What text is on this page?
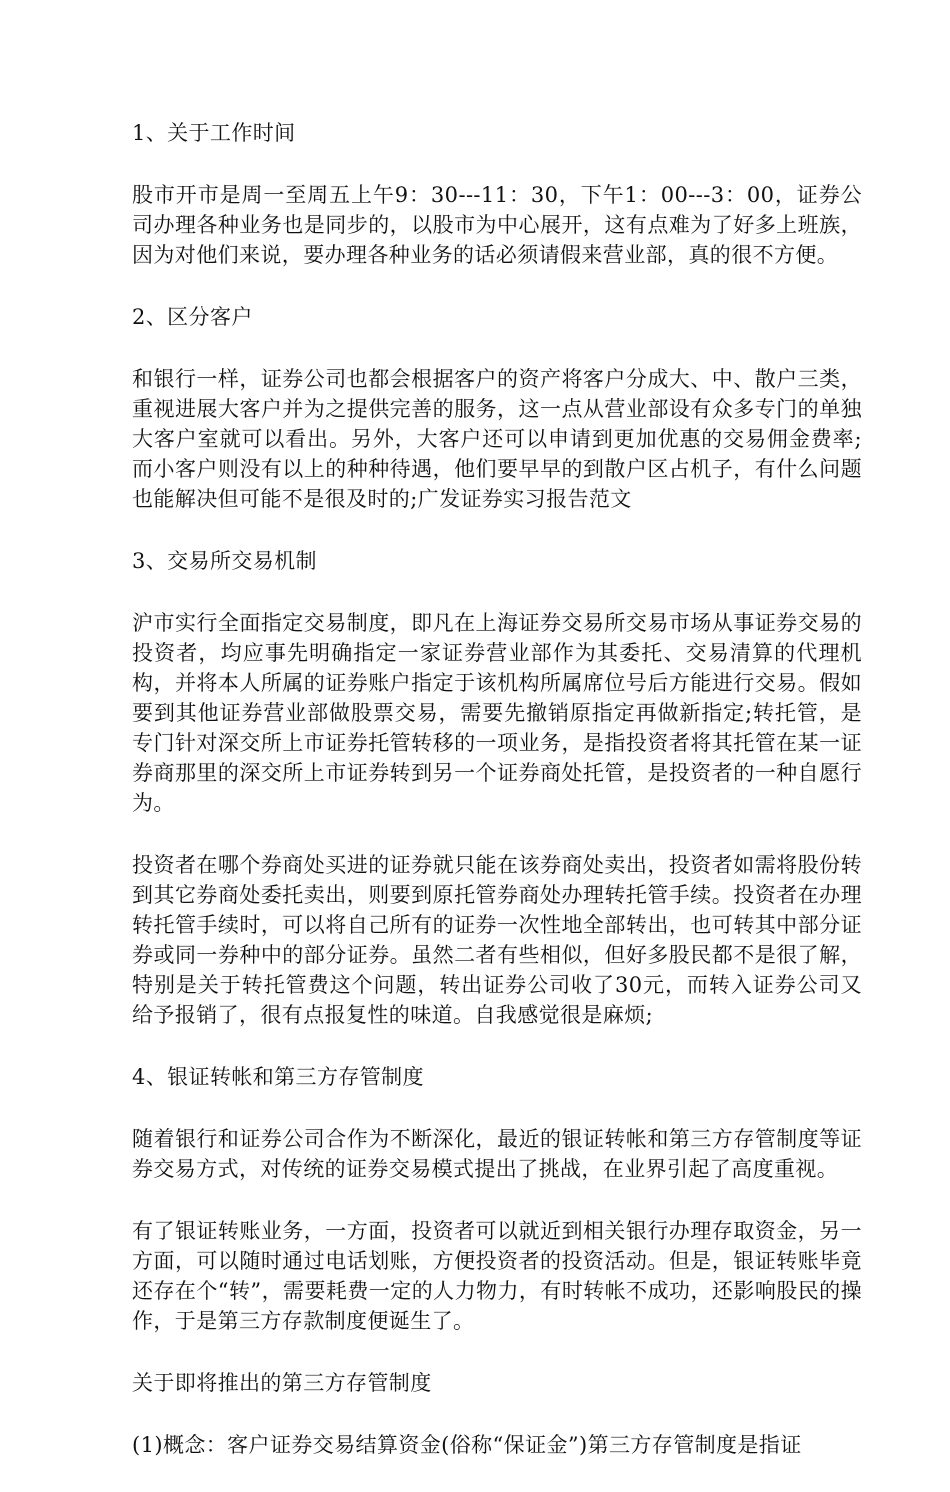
1、关于工作时间
股市开市是周一至周五上午9：30---11：30，下午1：00---3：00，证券公司办理各种业务也是同步的，以股市为中心展开，这有点难为了好多上班族，因为对他们来说，要办理各种业务的话必须请假来营业部，真的很不方便。
2、区分客户
和银行一样，证券公司也都会根据客户的资产将客户分成大、中、散户三类，重视进展大客户并为之提供完善的服务，这一点从营业部设有众多专门的单独大客户室就可以看出。另外，大客户还可以申请到更加优惠的交易佣金费率;而小客户则没有以上的种种待遇，他们要早早的到散户区占机子，有什么问题也能解决但可能不是很及时的;广发证券实习报告范文
3、交易所交易机制
沪市实行全面指定交易制度，即凡在上海证券交易所交易市场从事证券交易的投资者，均应事先明确指定一家证券营业部作为其委托、交易清算的代理机构，并将本人所属的证券账户指定于该机构所属席位号后方能进行交易。假如要到其他证券营业部做股票交易，需要先撤销原指定再做新指定;转托管，是专门针对深交所上市证券托管转移的一项业务，是指投资者将其托管在某一证券商那里的深交所上市证券转到另一个证券商处托管，是投资者的一种自愿行为。
投资者在哪个券商处买进的证券就只能在该券商处卖出，投资者如需将股份转到其它券商处委托卖出，则要到原托管券商处办理转托管手续。投资者在办理转托管手续时，可以将自己所有的证券一次性地全部转出，也可转其中部分证券或同一券种中的部分证券。虽然二者有些相似，但好多股民都不是很了解，特别是关于转托管费这个问题，转出证券公司收了30元，而转入证券公司又给予报销了，很有点报复性的味道。自我感觉很是麻烦;
4、银证转帐和第三方存管制度
随着银行和证券公司合作为不断深化，最近的银证转帐和第三方存管制度等证券交易方式，对传统的证券交易模式提出了挑战，在业界引起了高度重视。
有了银证转账业务，一方面，投资者可以就近到相关银行办理存取资金，另一方面，可以随时通过电话划账，方便投资者的投资活动。但是，银证转账毕竟还存在个“转”，需要耗费一定的人力物力，有时转帐不成功，还影响股民的操作，于是第三方存款制度便诞生了。
关于即将推出的第三方存管制度
(1)概念：客户证券交易结算资金(俗称“保证金”)第三方存管制度是指证
